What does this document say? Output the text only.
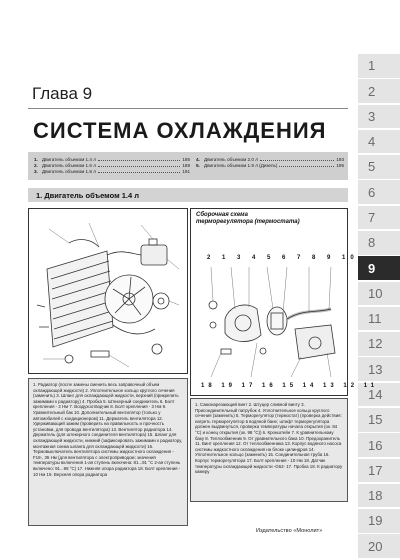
1
2
3
4
5
6
7
8
9
10
11
12
13
14
15
16
17
18
19
20
Глава 9
СИСТЕМА ОХЛАЖДЕНИЯ
1. Двигатель объемом 1.4 л	185
2. Двигатель объемом 1.6 л	188
3. Двигатель объемом 1.8 л	191
4. Двигатель объемом 2.0 л	193
5. Двигатель объемом 1.9 л (Дизель)	195
1. Двигатель объемом 1.4 л
Сборочная схема
терморегулятора (термостата)
2 1 3 4 5 6 7 8 9 10
18 19 17 16 15 14 13 12 11
1. Радиатор (после замены сменить весь заправочный объем охлаждающей жидкости) 2. Уплотнительное кольцо круглого сечения (заменить) 3. Шланг для охлаждающей жидкости, верхний (прикрепить зажимами к радиатору) 4. Пробка 5. Штекерный соединитель 6. Болт крепления - 2 Нм 7. Воздухоотводчик 8. Болт крепления - 3 Нм 9. Уравнительный бак 10. Дополнительный вентилятор (только у автомобилей с кондиционером) 11. Держатель вентилятора 12. Удерживающий зажим (проверить на правильность и прочность установки, для провода вентилятора) 13. Вентилятор радиатора 14. Держатель (для штекерного соединителя вентилятора) 15. Шланг для охлаждающей жидкости, нижний (зафиксировать зажимами к радиатору, монтажная схема шланга для охлаждающей жидкости) 16. Термовыключатель вентилятора системы жидкостного охлаждения -F18-, 35 Нм (для вентилятора с электроприводом; значения температуры включения 1-ая ступень включена: 81...91 °С 2-ая ступень включено: 91...98 °С) 17. Нижняя опора радиатора 18. Болт крепления - 10 Нм 19. Верхняя опора радиатора
1. Самонарезающий винт 2. Штуцер сливной винту 3. Присоединительный патрубок 4. Уплотнительное кольцо круглого сечения (заменить) 5. Терморегулятор (термостат) (проверка действия: нагреть терморегулятор в водяной бане; штифт терморегулятора должен выдвинуться, проверка температуры начала открытия (ок. 84 °С) и конец открытия (ок. 98 °С)) 6. Кронштейн 7. К уравнительному баку 8. Теплообменник 9. От уравнительного бака 10. Предохранитель 11. Винт крепления 12. От теплообменника 13. Корпус водяного насоса системы жидкостного охлаждения на блоке цилиндров 14. Уплотнительное кольцо (заменить) 15. Соединительная труба 16. Корпус терморегулятора 17. Болт крепления - 10 Нм 18. Датчик температуры охлаждающей жидкости -G62- 17. Пробка 18. К радиатору камеру
Издательство «Монолит»
